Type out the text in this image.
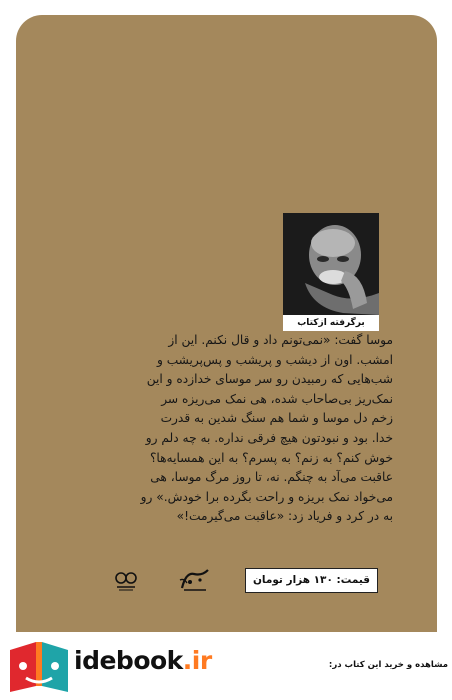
برگرفته ازکتاب

موسا گفت: «نمی‌تونم داد و قال نکنم. این از

امشب. اون از دیشب و پریشب و پس‌پریشب و

شب‌هایی که رمبیدن رو سر موسای خدازده و این

نمک‌ریز بی‌صاحاب شده، هی نمک می‌ریزه سر

زخم دل موسا و شما هم سنگ شدین به قدرت

خدا. بود و نبودتون هیچ فرقی نداره. به چه دلم رو

خوش کنم؟ به زنم؟ به پسرم؟ به این همسایه‌ها؟

عاقبت می‌آد به چنگم. نه، تا روز مرگ موسا، هی

می‌خواد نمک بریزه و راحت بگرده برا خودش.» رو

به در کرد و فریاد زد: «عاقبت می‌گیرمت!»

قیمت: ۱۳۰ هزار تومان
idebook.ir	مشاهده و خرید این کتاب در:
